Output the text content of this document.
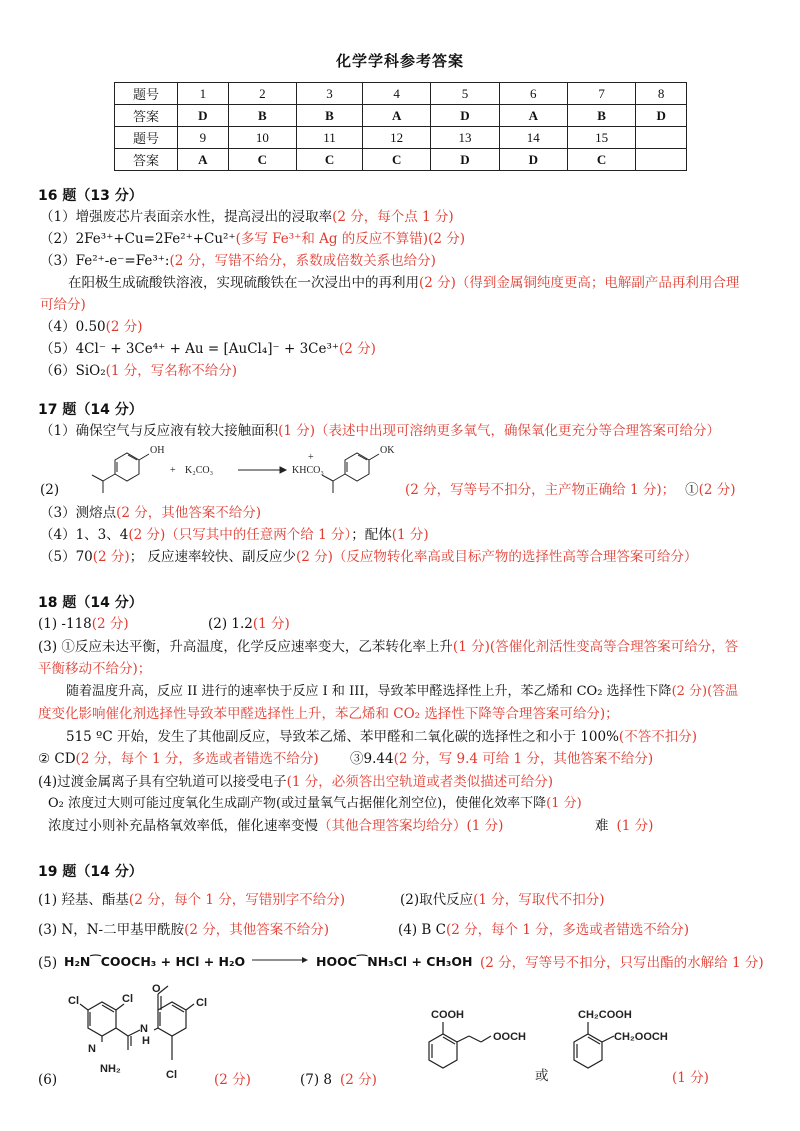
化学学科参考答案
题号	1	2	3	4	5	6	7	8
答案	D	B	B	A	D	A	B	D
题号	9	10	11	12	13	14	15	
答案	A	C	C	C	D	D	C	
16 题（13 分）
（1）增强废芯片表面亲水性，提高浸出的浸取率(2 分，每个点 1 分)
（2）2Fe³⁺+Cu=2Fe²⁺+Cu²⁺(多写 Fe³⁺和 Ag 的反应不算错)(2 分)
（3）Fe²⁺-e⁻=Fe³⁺:(2 分，写错不给分，系数成倍数关系也给分)
在阳极生成硫酸铁溶液，实现硫酸铁在一次浸出中的再利用(2 分)（得到金属铜纯度更高；电解副产品再利用合理
可给分)
（4）0.50(2 分)
（5）4Cl⁻ + 3Ce⁴⁺ + Au = [AuCl₄]⁻ + 3Ce³⁺(2 分)
（6）SiO₂(1 分，写名称不给分)
17 题（14 分）
（1）确保空气与反应液有较大接触面积(1 分)（表述中出现可溶纳更多氧气，确保氧化更充分等合理答案可给分）
OH
+ K₂CO₃	KHCO₃
+
OK
(2)	(2 分，写等号不扣分，主产物正确给 1 分)； ①(2 分)
（3）测熔点(2 分，其他答案不给分)
（4）1、3、4(2 分)（只写其中的任意两个给 1 分）；配体(1 分)
（5）70(2 分)； 反应速率较快、副反应少(2 分)（反应物转化率高或目标产物的选择性高等合理答案可给分）
18 题（14 分）
(1) -118(2 分)	(2) 1.2(1 分)
(3) ①反应未达平衡，升高温度，化学反应速率变大，乙苯转化率上升(1 分)(答催化剂活性变高等合理答案可给分，答
平衡移动不给分)；
随着温度升高，反应 II 进行的速率快于反应 I 和 III，导致苯甲醛选择性上升，苯乙烯和 CO₂ 选择性下降(2 分)(答温
度变化影响催化剂选择性导致苯甲醛选择性上升，苯乙烯和 CO₂ 选择性下降等合理答案可给分)；
515 ºC 开始，发生了其他副反应，导致苯乙烯、苯甲醛和二氧化碳的选择性之和小于 100%(不答不扣分)
② CD(2 分，每个 1 分，多选或者错选不给分) ③9.44(2 分，写 9.4 可给 1 分，其他答案不给分)
(4)过渡金属离子具有空轨道可以接受电子(1 分，必须答出空轨道或者类似描述可给分)
O₂ 浓度过大则可能过度氧化生成副产物(或过量氧气占据催化剂空位)，使催化效率下降(1 分)
浓度过小则补充晶格氧效率低，催化速率变慢（其他合理答案均给分）(1 分)	难 (1 分)
19 题（14 分）
(1) 羟基、酯基(2 分，每个 1 分，写错别字不给分)	(2)取代反应(1 分，写取代不扣分)
(3) N，N-二甲基甲酰胺(2 分，其他答案不给分)	(4) B C(2 分，每个 1 分，多选或者错选不给分)
(5) H₂N⁀COOCH₃ + HCl + H₂O	HOOC⁀NH₃Cl + CH₃OH (2 分，写等号不扣分，只写出酯的水解给 1 分)
Cl	Cl
N
NH₂
N
H
O
Cl
Cl
(6)	(2 分)	(7) 8 (2 分)
COOH
OOCH
或
CH₂COOH
CH₂OOCH
(1 分)
